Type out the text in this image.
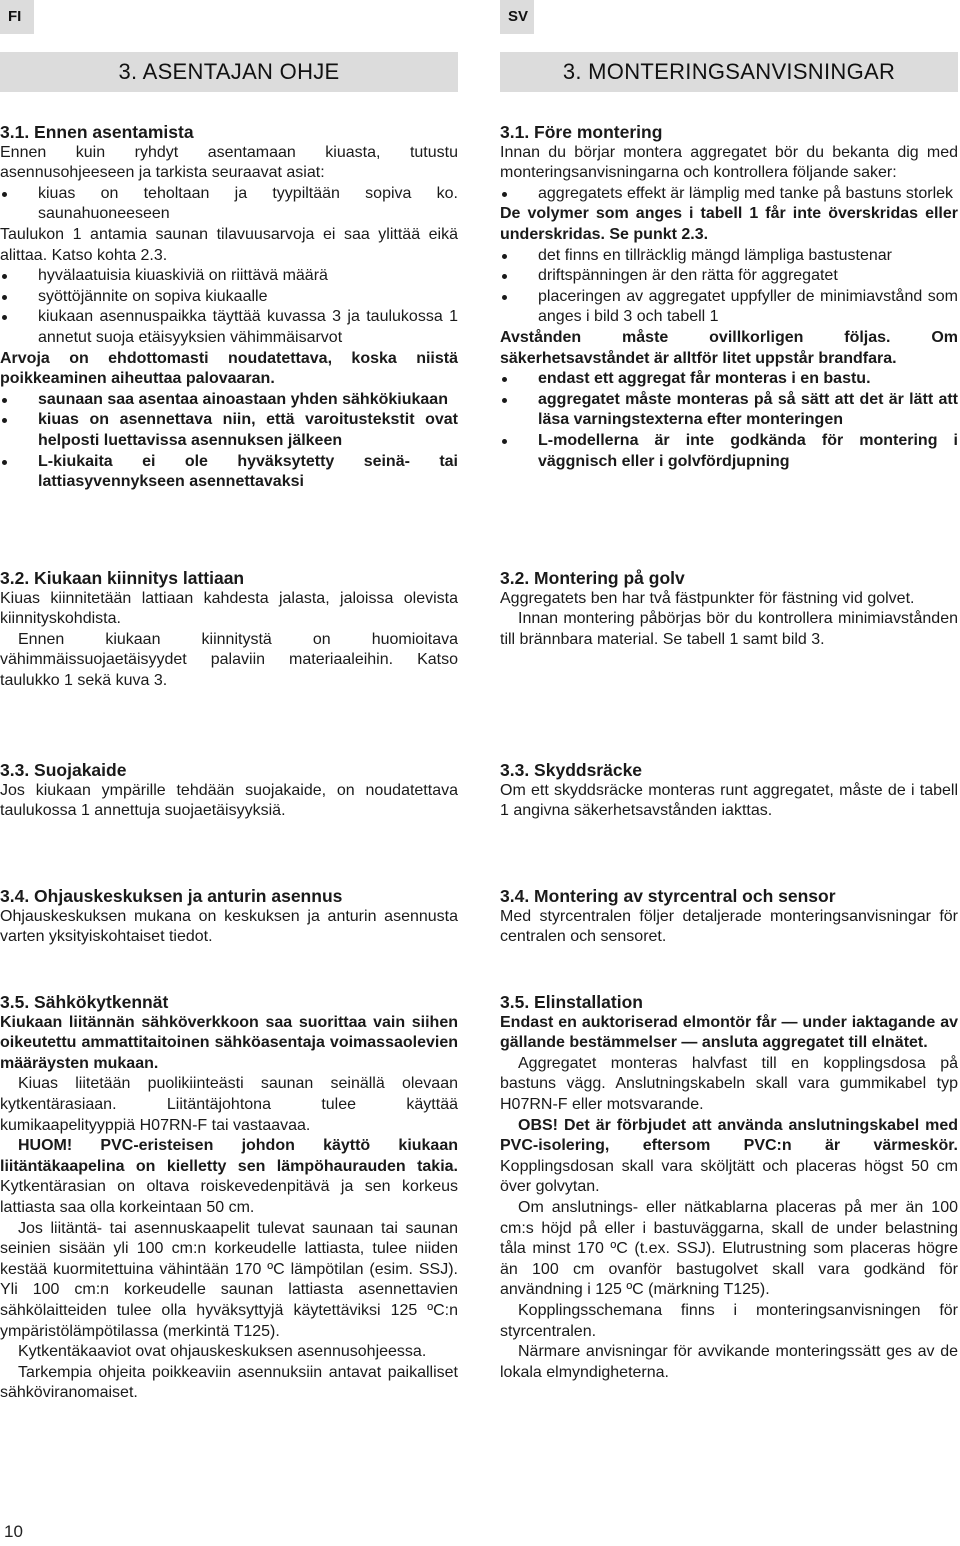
FI	SV
3. ASENTAJAN OHJE	3. MONTERINGSANVISNINGAR

3.1. Ennen asentamista

Ennen kuin ryhdyt asentamaan kiuasta, tutustu asennusohjeeseen ja tarkista seuraavat asiat:

kiuas on teholtaan ja tyypiltään sopiva ko. saunahuoneeseen

Taulukon 1 antamia saunan tilavuusarvoja ei saa ylittää eikä alittaa. Katso kohta 2.3.

hyvälaatuisia kiuaskiviä on riittävä määrä
syöttöjännite on sopiva kiukaalle
kiukaan asennuspaikka täyttää kuvassa 3 ja taulukossa 1 annetut suoja etäisyyksien vähimmäisarvot

Arvoja on ehdottomasti noudatettava, koska niistä poikkeaminen aiheuttaa palovaaran.

saunaan saa asentaa ainoastaan yhden sähkökiukaan
kiuas on asennettava niin, että varoitustekstit ovat helposti luettavissa asennuksen jälkeen
L-kiukaita ei ole hyväksytetty seinä- tai lattiasyvennykseen asennettavaksi

3.2. Kiukaan kiinnitys lattiaan

Kiuas kiinnitetään lattiaan kahdesta jalasta, jaloissa olevista kiinnityskohdista.

Ennen kiukaan kiinnitystä on huomioitava vähimmäissuojaetäisyydet palaviin materiaaleihin. Katso taulukko 1 sekä kuva 3.

3.3. Suojakaide

Jos kiukaan ympärille tehdään suojakaide, on noudatettava taulukossa 1 annettuja suojaetäisyyksiä.

3.4. Ohjauskeskuksen ja anturin asennus

Ohjauskeskuksen mukana on keskuksen ja anturin asennusta varten yksityiskohtaiset tiedot.

3.5. Sähkökytkennät

Kiukaan liitännän sähköverkkoon saa suorittaa vain siihen oikeutettu ammattitaitoinen sähköasentaja voimassaolevien määräysten mukaan.

Kiuas liitetään puolikiinteästi saunan seinällä olevaan kytkentärasiaan. Liitäntäjohtona tulee käyttää kumikaapelityyppiä H07RN-F tai vastaavaa.

HUOM! PVC-eristeisen johdon käyttö kiukaan liitäntäkaapelina on kielletty sen lämpöhaurauden takia. Kytkentärasian on oltava roiskevedenpitävä ja sen korkeus lattiasta saa olla korkeintaan 50 cm.

Jos liitäntä- tai asennuskaapelit tulevat saunaan tai saunan seinien sisään yli 100 cm:n korkeudelle lattiasta, tulee niiden kestää kuormitettuina vähintään 170 ºC lämpötilan (esim. SSJ). Yli 100 cm:n korkeudelle saunan lattiasta asennettavien sähkölaitteiden tulee olla hyväksyttyjä käytettäviksi 125 ºC:n ympäristölämpötilassa (merkintä T125).

Kytkentäkaaviot ovat ohjauskeskuksen asennusohjeessa.

Tarkempia ohjeita poikkeaviin asennuksiin antavat paikalliset sähköviranomaiset.

3.1. Före montering

Innan du börjar montera aggregatet bör du bekanta dig med monteringsanvisningarna och kontrollera följande saker:

aggregatets effekt är lämplig med tanke på bastuns storlek

De volymer som anges i tabell 1 får inte överskridas eller underskridas. Se punkt 2.3.

det finns en tillräcklig mängd lämpliga bastustenar
driftspänningen är den rätta för aggregatet
placeringen av aggregatet uppfyller de minimiavstånd som anges i bild 3 och tabell 1

Avstånden måste ovillkorligen följas. Om säkerhetsavståndet är alltför litet uppstår brandfara.

endast ett aggregat får monteras i en bastu.
aggregatet måste monteras på så sätt att det är lätt att läsa varningstexterna efter monteringen
L-modellerna är inte godkända för montering i väggnisch eller i golvfördjupning

3.2. Montering på golv

Aggregatets ben har två fästpunkter för fästning vid golvet.

Innan montering påbörjas bör du kontrollera minimiavstånden till brännbara material. Se tabell 1 samt bild 3.

3.3. Skyddsräcke

Om ett skyddsräcke monteras runt aggregatet, måste de i tabell 1 angivna säkerhetsavstånden iakttas.

3.4. Montering av styrcentral och sensor

Med styrcentralen följer detaljerade monteringsanvisningar för centralen och sensoret.

3.5. Elinstallation

Endast en auktoriserad elmontör får — under iaktagande av gällande bestämmelser — ansluta aggregatet till elnätet.

Aggregatet monteras halvfast till en kopplingsdosa på bastuns vägg. Anslutningskabeln skall vara gummikabel typ H07RN-F eller motsvarande.

OBS! Det är förbjudet att använda anslutningskabel med PVC-isolering, eftersom PVC:n är värmeskör. Kopplingsdosan skall vara sköljtätt och placeras högst 50 cm över golvytan.

Om anslutnings- eller nätkablarna placeras på mer än 100 cm:s höjd på eller i bastuväggarna, skall de under belastning tåla minst 170 ºC (t.ex. SSJ). Elutrustning som placeras högre än 100 cm ovanför bastugolvet skall vara godkänd för användning i 125 ºC (märkning T125).

Kopplingsschemana finns i monteringsanvisningen för styrcentralen.

Närmare anvisningar för avvikande monteringssätt ges av de lokala elmyndigheterna.

10
